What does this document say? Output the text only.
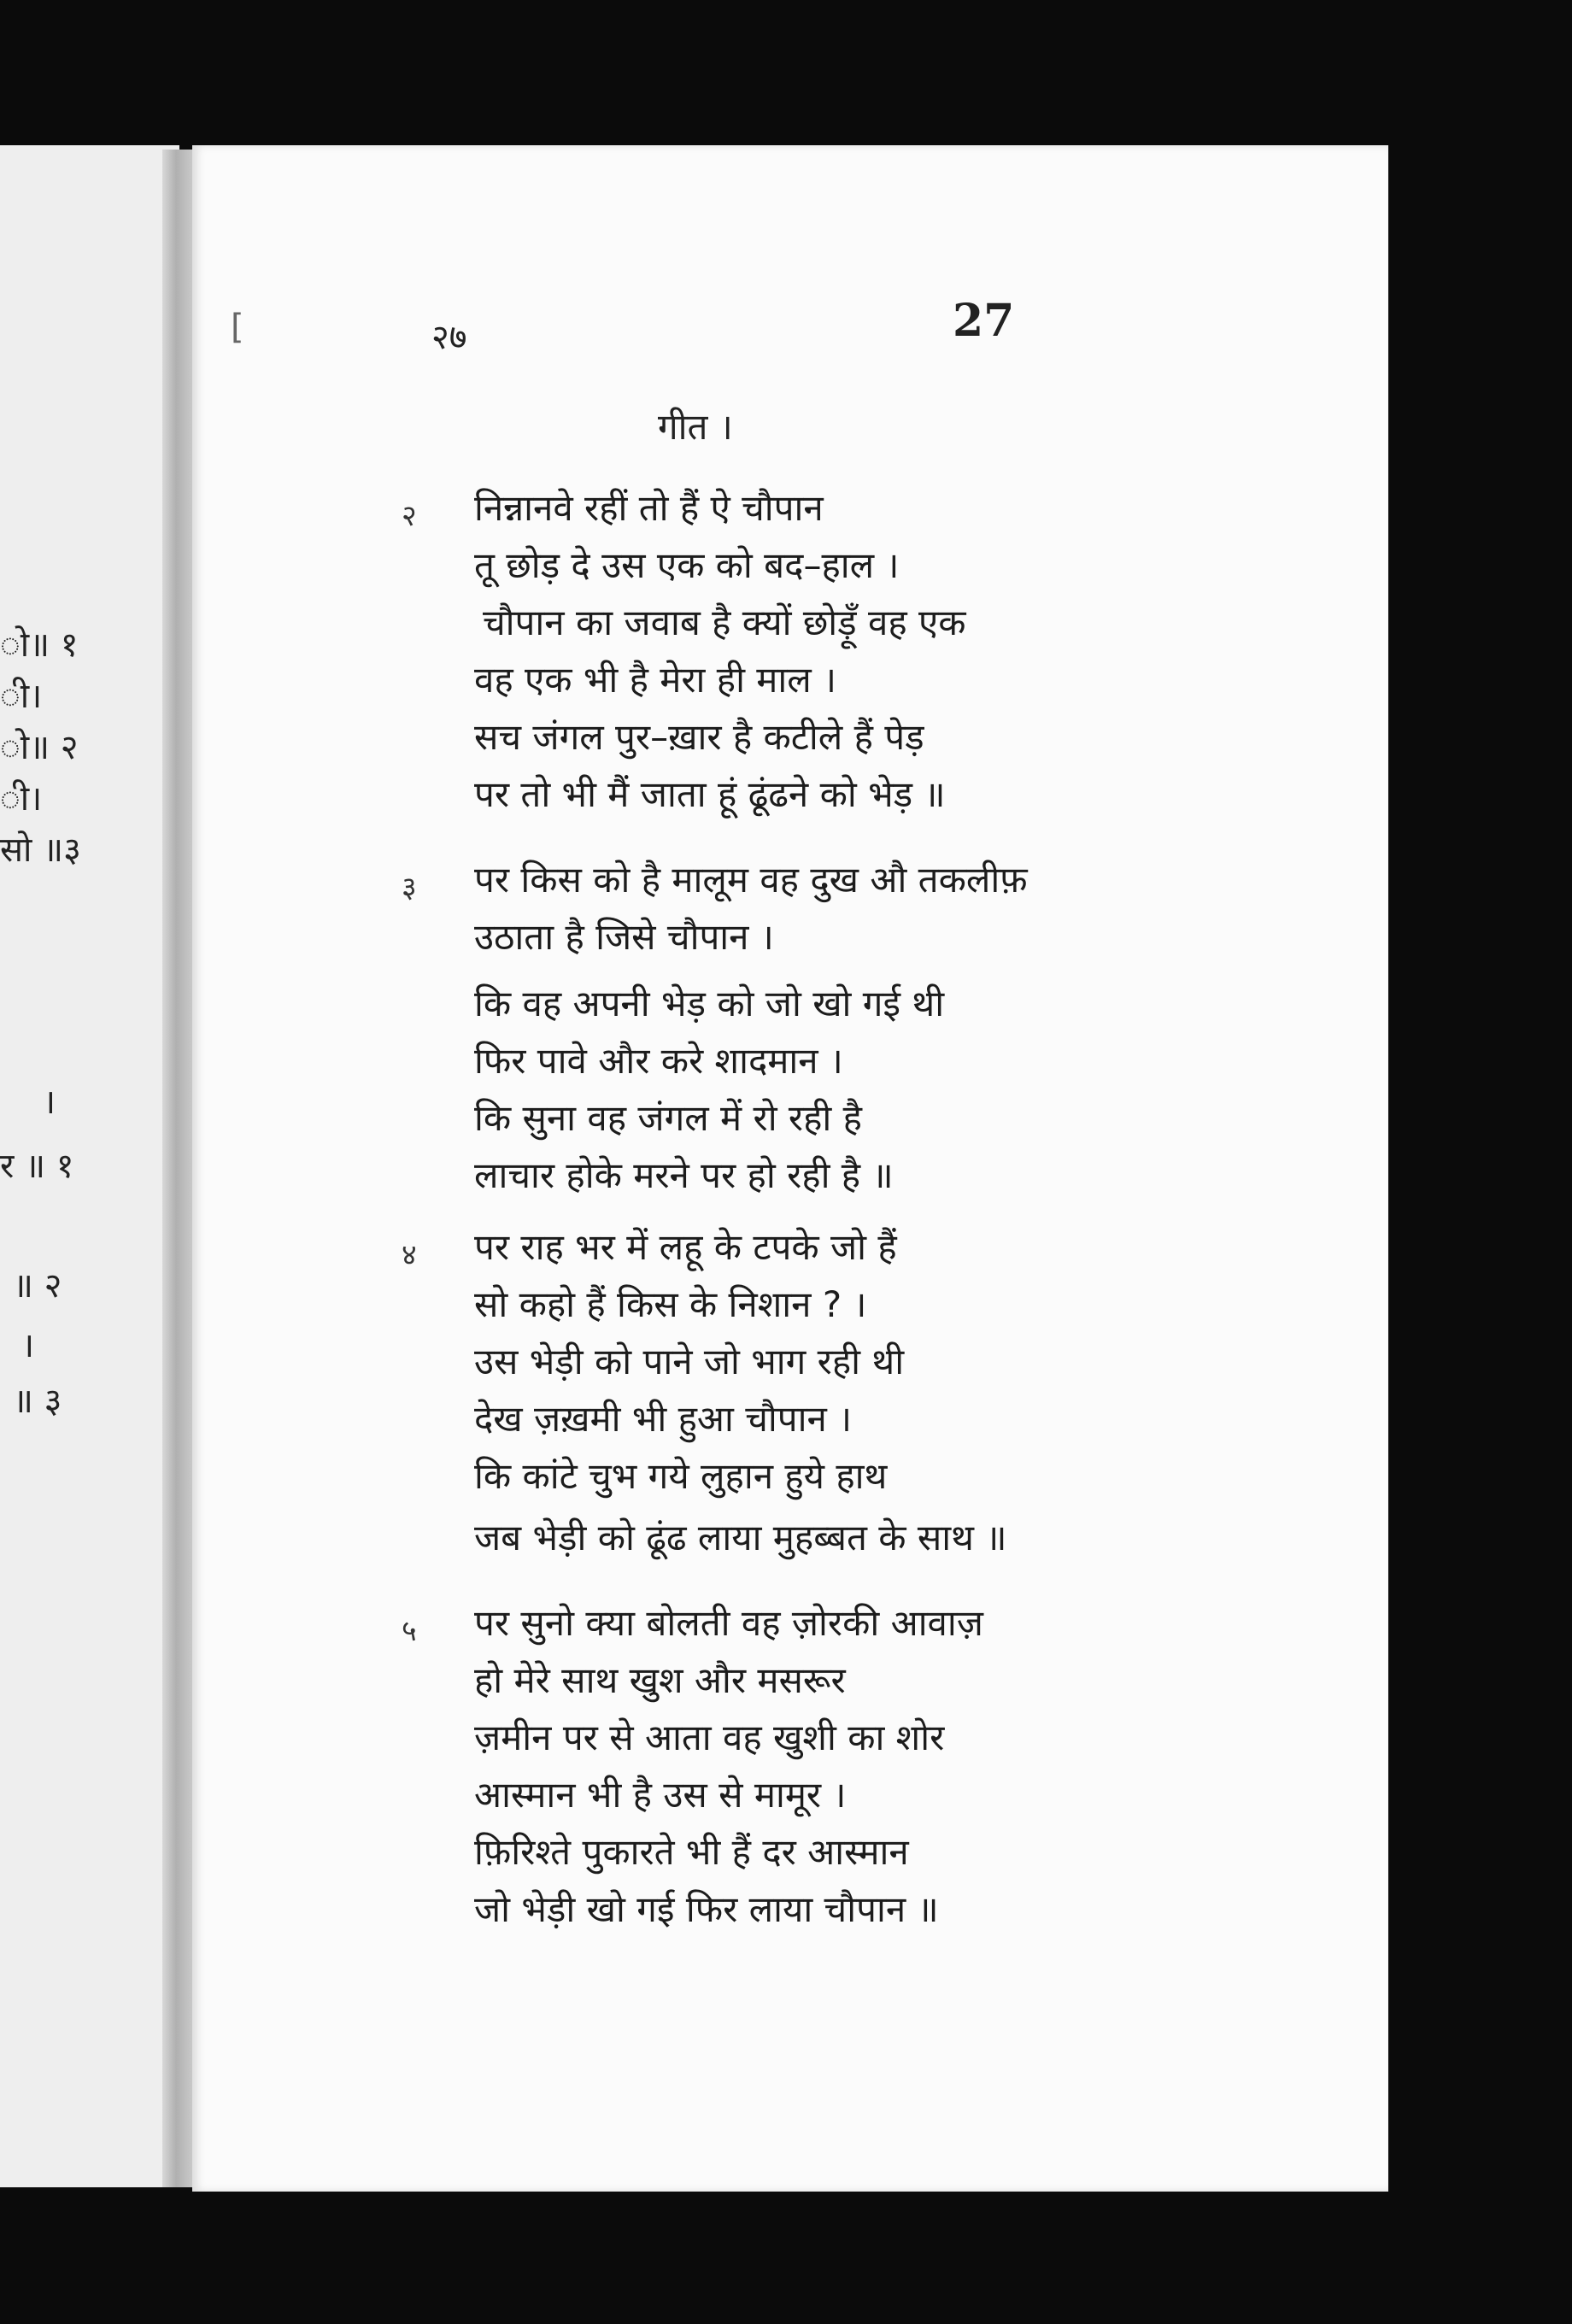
ो॥ १
ी।
ो॥ २
ी।
सो ॥३
।
र ॥ १
॥ २
।
॥ ३
[	२७	27
गीत ।
२ निन्नानवे रहीं तो हैं ऐ चौपान
तू छोड़ दे उस एक को बद–हाल ।
चौपान का जवाब है क्यों छोड़ूँ वह एक
वह एक भी है मेरा ही माल ।
सच जंगल पुर–ख़ार है कटीले हैं पेड़
पर तो भी मैं जाता हूं ढूंढने को भेड़ ॥
३ पर किस को है मालूम वह दुख औ तकलीफ़
उठाता है जिसे चौपान ।
कि वह अपनी भेड़ को जो खो गई थी
फिर पावे और करे शादमान ।
कि सुना वह जंगल में रो रही है
लाचार होके मरने पर हो रही है ॥
४ पर राह भर में लहू के टपके जो हैं
सो कहो हैं किस के निशान ? ।
उस भेड़ी को पाने जो भाग रही थी
देख ज़ख़मी भी हुआ चौपान ।
कि कांटे चुभ गये लुहान हुये हाथ
जब भेड़ी को ढूंढ लाया मुहब्बत के साथ ॥
५ पर सुनो क्या बोलती वह ज़ोरकी आवाज़
हो मेरे साथ खुश और मसरूर
ज़मीन पर से आता वह खुशी का शोर
आस्मान भी है उस से मामूर ।
फ़िरिश्ते पुकारते भी हैं दर आस्मान
जो भेड़ी खो गई फिर लाया चौपान ॥
